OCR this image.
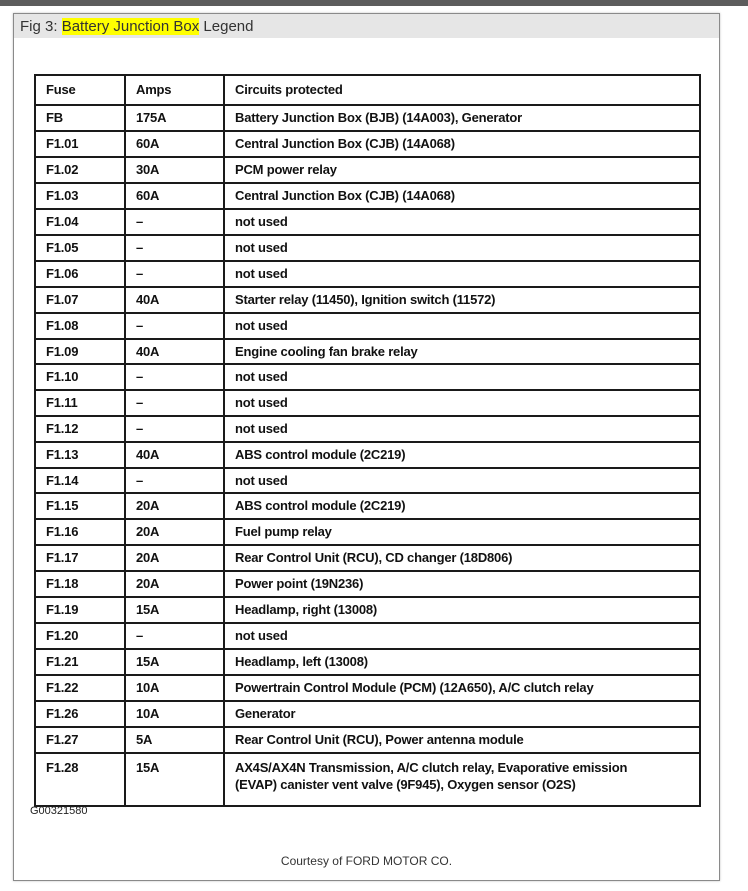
Fig 3: Battery Junction Box Legend
Fuse	Amps	Circuits protected
FB	175A	Battery Junction Box (BJB) (14A003), Generator
F1.01	60A	Central Junction Box (CJB) (14A068)
F1.02	30A	PCM power relay
F1.03	60A	Central Junction Box (CJB) (14A068)
F1.04	–	not used
F1.05	–	not used
F1.06	–	not used
F1.07	40A	Starter relay (11450), Ignition switch (11572)
F1.08	–	not used
F1.09	40A	Engine cooling fan brake relay
F1.10	–	not used
F1.11	–	not used
F1.12	–	not used
F1.13	40A	ABS control module (2C219)
F1.14	–	not used
F1.15	20A	ABS control module (2C219)
F1.16	20A	Fuel pump relay
F1.17	20A	Rear Control Unit (RCU), CD changer (18D806)
F1.18	20A	Power point (19N236)
F1.19	15A	Headlamp, right (13008)
F1.20	–	not used
F1.21	15A	Headlamp, left (13008)
F1.22	10A	Powertrain Control Module (PCM) (12A650), A/C clutch relay
F1.26	10A	Generator
F1.27	5A	Rear Control Unit (RCU), Power antenna module
F1.28	15A	AX4S/AX4N Transmission, A/C clutch relay, Evaporative emission
(EVAP) canister vent valve (9F945), Oxygen sensor (O2S)
G00321580
Courtesy of FORD MOTOR CO.
